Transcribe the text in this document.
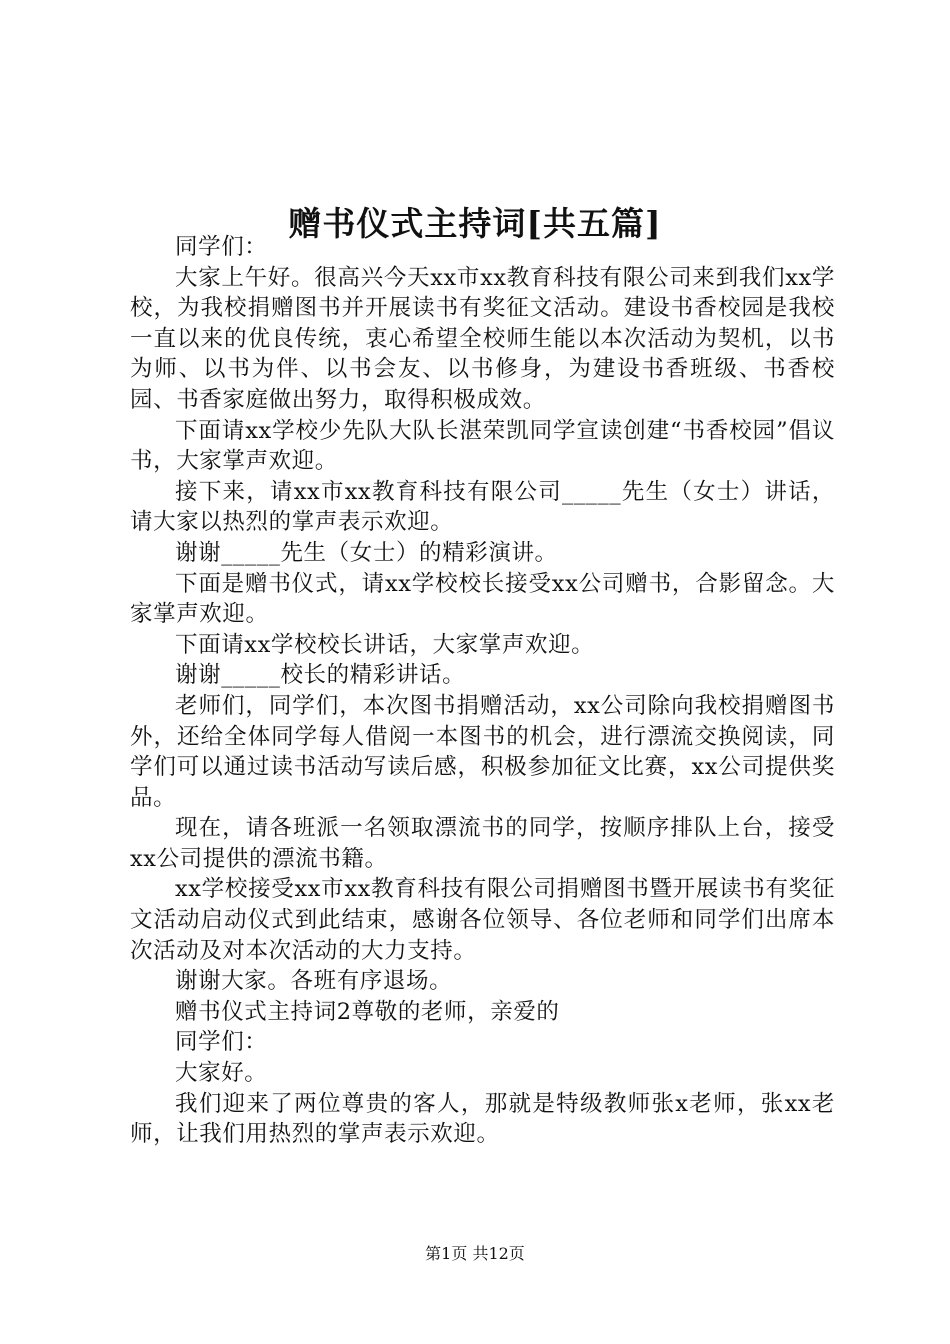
赠书仪式主持词[共五篇]

同学们：

大家上午好。很高兴今天xx市xx教育科技有限公司来到我们xx学校，为我校捐赠图书并开展读书有奖征文活动。建设书香校园是我校一直以来的优良传统，衷心希望全校师生能以本次活动为契机，以书为师、以书为伴、以书会友、以书修身，为建设书香班级、书香校园、书香家庭做出努力，取得积极成效。

下面请xx学校少先队大队长湛荣凯同学宣读创建“书香校园”倡议书，大家掌声欢迎。

接下来，请xx市xx教育科技有限公司_____先生（女士）讲话，请大家以热烈的掌声表示欢迎。

谢谢_____先生（女士）的精彩演讲。

下面是赠书仪式，请xx学校校长接受xx公司赠书，合影留念。大家掌声欢迎。

下面请xx学校校长讲话，大家掌声欢迎。

谢谢_____校长的精彩讲话。

老师们，同学们，本次图书捐赠活动，xx公司除向我校捐赠图书外，还给全体同学每人借阅一本图书的机会，进行漂流交换阅读，同学们可以通过读书活动写读后感，积极参加征文比赛，xx公司提供奖品。

现在，请各班派一名领取漂流书的同学，按顺序排队上台，接受xx公司提供的漂流书籍。

xx学校接受xx市xx教育科技有限公司捐赠图书暨开展读书有奖征文活动启动仪式到此结束，感谢各位领导、各位老师和同学们出席本次活动及对本次活动的大力支持。

谢谢大家。各班有序退场。

赠书仪式主持词2尊敬的老师，亲爱的

同学们：

大家好。

我们迎来了两位尊贵的客人，那就是特级教师张x老师，张xx老师，让我们用热烈的掌声表示欢迎。

第1页 共12页
